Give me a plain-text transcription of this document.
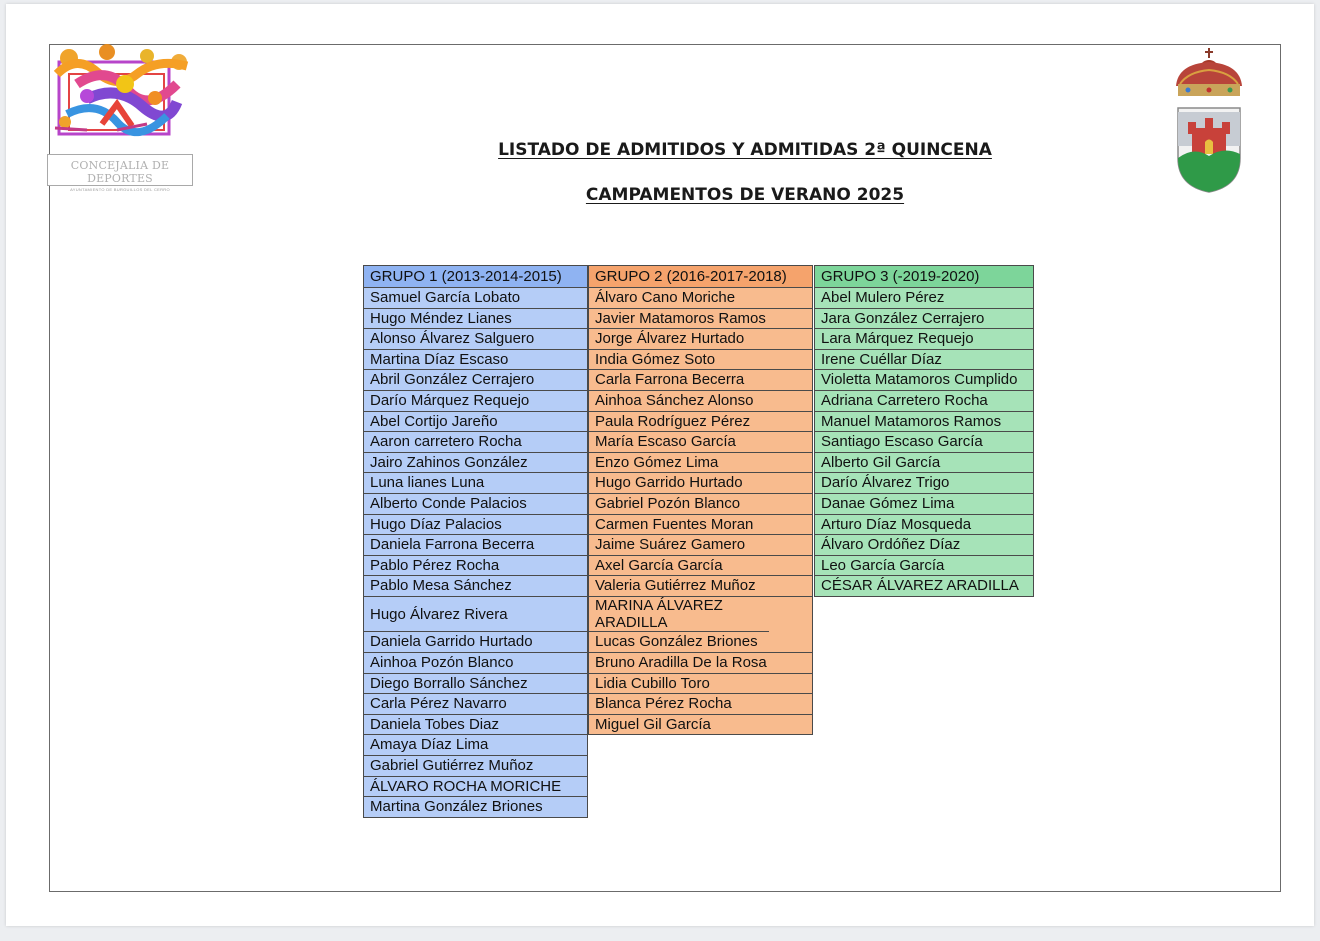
CONCEJALIA DE DEPORTES
AYUNTAMIENTO DE BURGUILLOS DEL CERRO
LISTADO DE ADMITIDOS Y ADMITIDAS 2ª QUINCENA
CAMPAMENTOS DE VERANO 2025
GRUPO 1 (2013-2014-2015)
Samuel García Lobato
Hugo Méndez Lianes
Alonso Álvarez Salguero
Martina Díaz Escaso
Abril González Cerrajero
Darío Márquez Requejo
Abel Cortijo Jareño
Aaron carretero Rocha
Jairo Zahinos González
Luna lianes Luna
Alberto Conde Palacios
Hugo Díaz Palacios
Daniela Farrona Becerra
Pablo Pérez Rocha
Pablo Mesa Sánchez
Hugo Álvarez Rivera
Daniela Garrido Hurtado
Ainhoa Pozón Blanco
Diego Borrallo Sánchez
Carla Pérez Navarro
Daniela Tobes Diaz
Amaya Díaz Lima
Gabriel Gutiérrez Muñoz
ÁLVARO ROCHA MORICHE
Martina González Briones
GRUPO 2 (2016-2017-2018)
Álvaro Cano Moriche
Javier Matamoros Ramos
Jorge Álvarez Hurtado
India Gómez Soto
Carla Farrona Becerra
Ainhoa Sánchez Alonso
Paula Rodríguez Pérez
María Escaso García
Enzo Gómez Lima
Hugo Garrido Hurtado
Gabriel Pozón Blanco
Carmen Fuentes Moran
Jaime Suárez Gamero
Axel García García
Valeria Gutiérrez Muñoz
MARINA ÁLVAREZ ARADILLA
Lucas González Briones
Bruno Aradilla De la Rosa
Lidia Cubillo Toro
Blanca Pérez Rocha
Miguel Gil García
GRUPO 3 (-2019-2020)
Abel Mulero Pérez
Jara González Cerrajero
Lara Márquez Requejo
Irene Cuéllar Díaz
Violetta Matamoros Cumplido
Adriana Carretero Rocha
Manuel Matamoros Ramos
Santiago Escaso García
Alberto Gil García
Darío Álvarez Trigo
Danae Gómez Lima
Arturo Díaz Mosqueda
Álvaro Ordóñez Díaz
Leo García García
CÉSAR ÁLVAREZ ARADILLA
